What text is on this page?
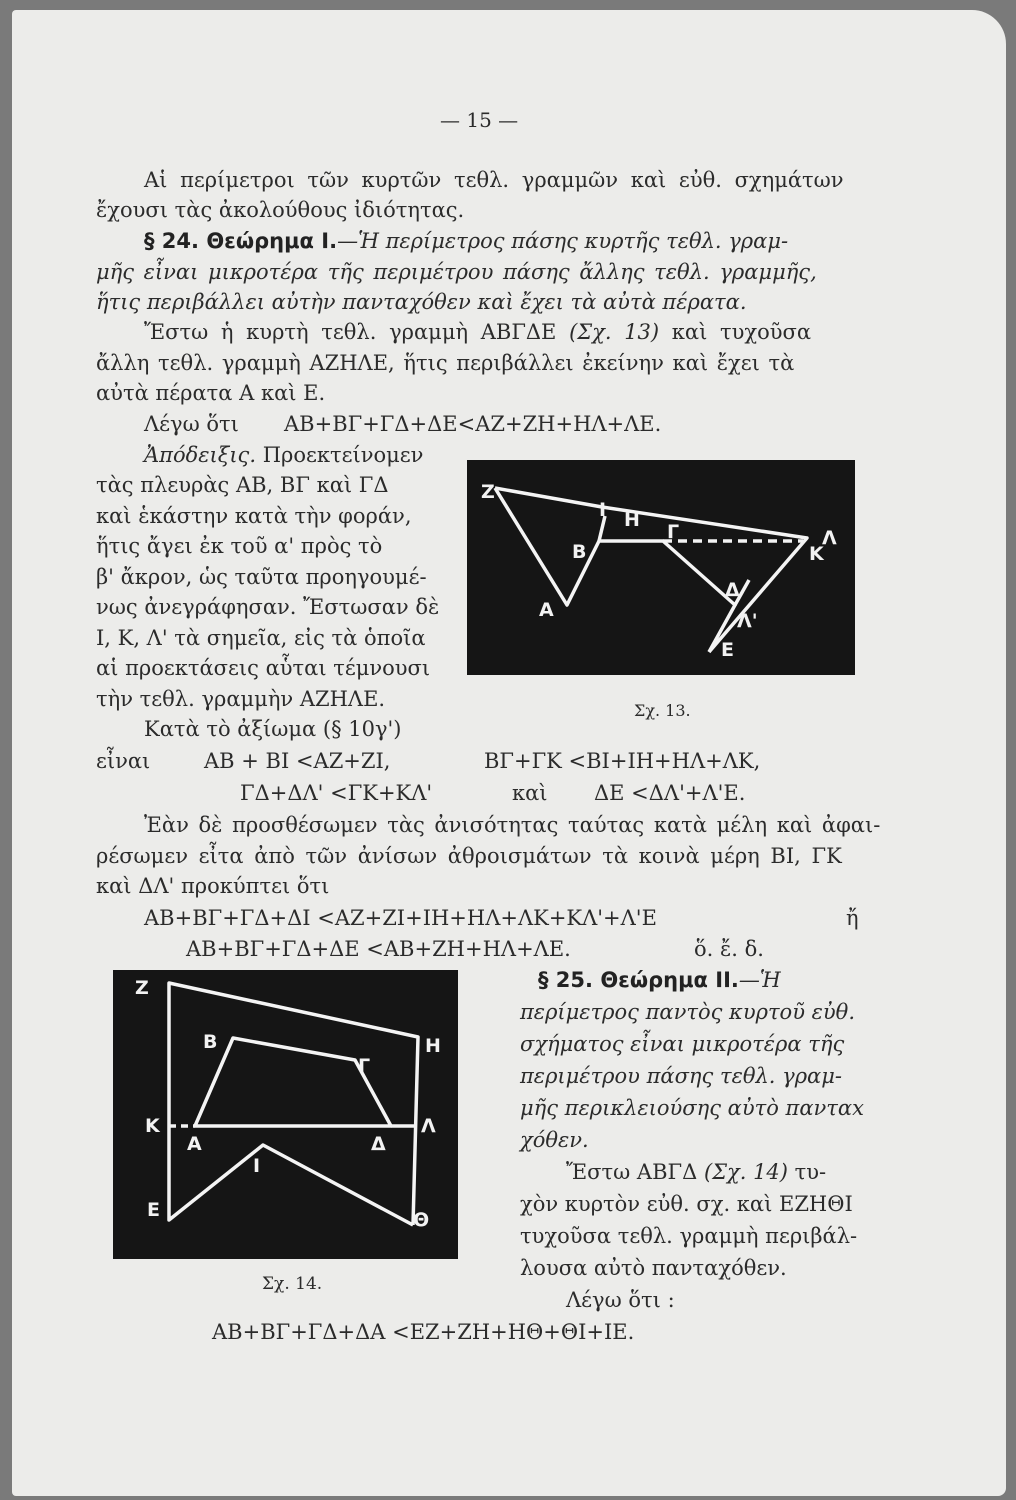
— 15 —
Αἱ περίμετροι τῶν κυρτῶν τεθλ. γραμμῶν καὶ εὐθ. σχημάτων
ἔχουσι τὰς ἀκολούθους ἰδιότητας.
§ 24. Θεώρημα Ι.—Ἡ περίμετρος πάσης κυρτῆς τεθλ. γραμ-
μῆς εἶναι μικροτέρα τῆς περιμέτρου πάσης ἄλλης τεθλ. γραμμῆς,
ἥτις περιβάλλει αὐτὴν πανταχόθεν καὶ ἔχει τὰ αὐτὰ πέρατα.
Ἔστω ἡ κυρτὴ τεθλ. γραμμὴ ΑΒΓΔΕ (Σχ. 13) καὶ τυχοῦσα
ἄλλη τεθλ. γραμμὴ ΑΖΗΛΕ, ἥτις περιβάλλει ἐκείνην καὶ ἔχει τὰ
αὐτὰ πέρατα Α καὶ Ε.
Λέγω ὅτι ΑΒ+ΒΓ+ΓΔ+ΔΕ<ΑΖ+ΖΗ+ΗΛ+ΛΕ.
Ἀπόδειξις. Προεκτείνομεν
τὰς πλευρὰς ΑΒ, ΒΓ καὶ ΓΔ
καὶ ἑκάστην κατὰ τὴν φοράν,
ἥτις ἄγει ἐκ τοῦ α' πρὸς τὸ
β' ἄκρον, ὡς ταῦτα προηγουμέ-
νως ἀνεγράφησαν. Ἔστωσαν δὲ
Ι, Κ, Λ' τὰ σημεῖα, εἰς τὰ ὁποῖα
αἱ προεκτάσεις αὗται τέμνουσι
τὴν τεθλ. γραμμὴν ΑΖΗΛΕ.
Κατὰ τὸ ἀξίωμα (§ 10γ')
Z
I H
B
Γ	Λ
K
Δ
A	Λ'
E
Σχ. 13.
εἶναι	ΑΒ + ΒΙ <ΑΖ+ΖΙ,	ΒΓ+ΓΚ <ΒΙ+ΙΗ+ΗΛ+ΛΚ,
ΓΔ+ΔΛ' <ΓΚ+ΚΛ'	καὶ ΔΕ <ΔΛ'+Λ'Ε.
Ἐὰν δὲ προσθέσωμεν τὰς ἀνισότητας ταύτας κατὰ μέλη καὶ ἀφαι-
ρέσωμεν εἶτα ἀπὸ τῶν ἀνίσων ἀθροισμάτων τὰ κοινὰ μέρη ΒΙ, ΓΚ
καὶ ΔΛ' προκύπτει ὅτι
ΑΒ+ΒΓ+ΓΔ+ΔΙ <ΑΖ+ΖΙ+ΙΗ+ΗΛ+ΛΚ+ΚΛ'+Λ'Ε	ἤ
ΑΒ+ΒΓ+ΓΔ+ΔΕ <ΑΒ+ΖΗ+ΗΛ+ΛΕ.	ὅ. ἔ. δ.
Z
H
B
Γ
K
A	Δ
Λ
I
E	Θ
Σχ. 14.
§ 25. Θεώρημα ΙΙ.—Ἡ
περίμετρος παντὸς κυρτοῦ εὐθ.
σχήματος εἶναι μικροτέρα τῆς
περιμέτρου πάσης τεθλ. γραμ-
μῆς περικλειούσης αὐτὸ πανταx
χόθεν.
Ἔστω ΑΒΓΔ (Σχ. 14) τυ-
χὸν κυρτὸν εὐθ. σχ. καὶ ΕΖΗΘΙ
τυχοῦσα τεθλ. γραμμὴ περιβάλ-
λουσα αὐτὸ πανταχόθεν.
Λέγω ὅτι :
ΑΒ+ΒΓ+ΓΔ+ΔΑ <ΕΖ+ΖΗ+ΗΘ+ΘΙ+ΙΕ.
